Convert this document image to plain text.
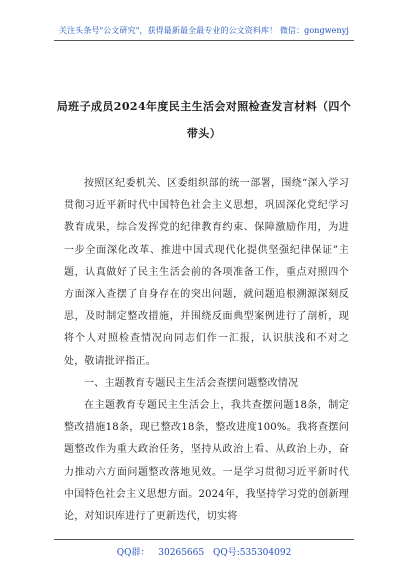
关注头条号"公文研究"，获得最新最全最专业的公文资料库！ 微信：gongwenyj
局班子成员2024年度民主生活会对照检查发言材料（四个
带头）

按照区纪委机关、区委组织部的统一部署，围绕“深入学习贯彻习近平新时代中国特色社会主义思想，巩固深化党纪学习教育成果，综合发挥党的纪律教育约束、保障激励作用，为进一步全面深化改革、推进中国式现代化提供坚强纪律保证”主题，认真做好了民主生活会前的各项准备工作，重点对照四个方面深入查摆了自身存在的突出问题，就问题追根溯源深刻反思，及时制定整改措施，并围绕反面典型案例进行了剖析，现将个人对照检查情况向同志们作一汇报，认识肤浅和不对之处，敬请批评指正。

一、主题教育专题民主生活会查摆问题整改情况

在主题教育专题民主生活会上，我共查摆问题18条，制定整改措施18条，现已整改18条，整改进度100%。我将查摆问题整改作为重大政治任务，坚持从政治上看、从政治上办，奋力推动六方面问题整改落地见效。一是学习贯彻习近平新时代中国特色社会主义思想方面。2024年，我坚持学习党的创新理论，对知识库进行了更新迭代，切实将

QQ群： 30265665 QQ号:535304092
